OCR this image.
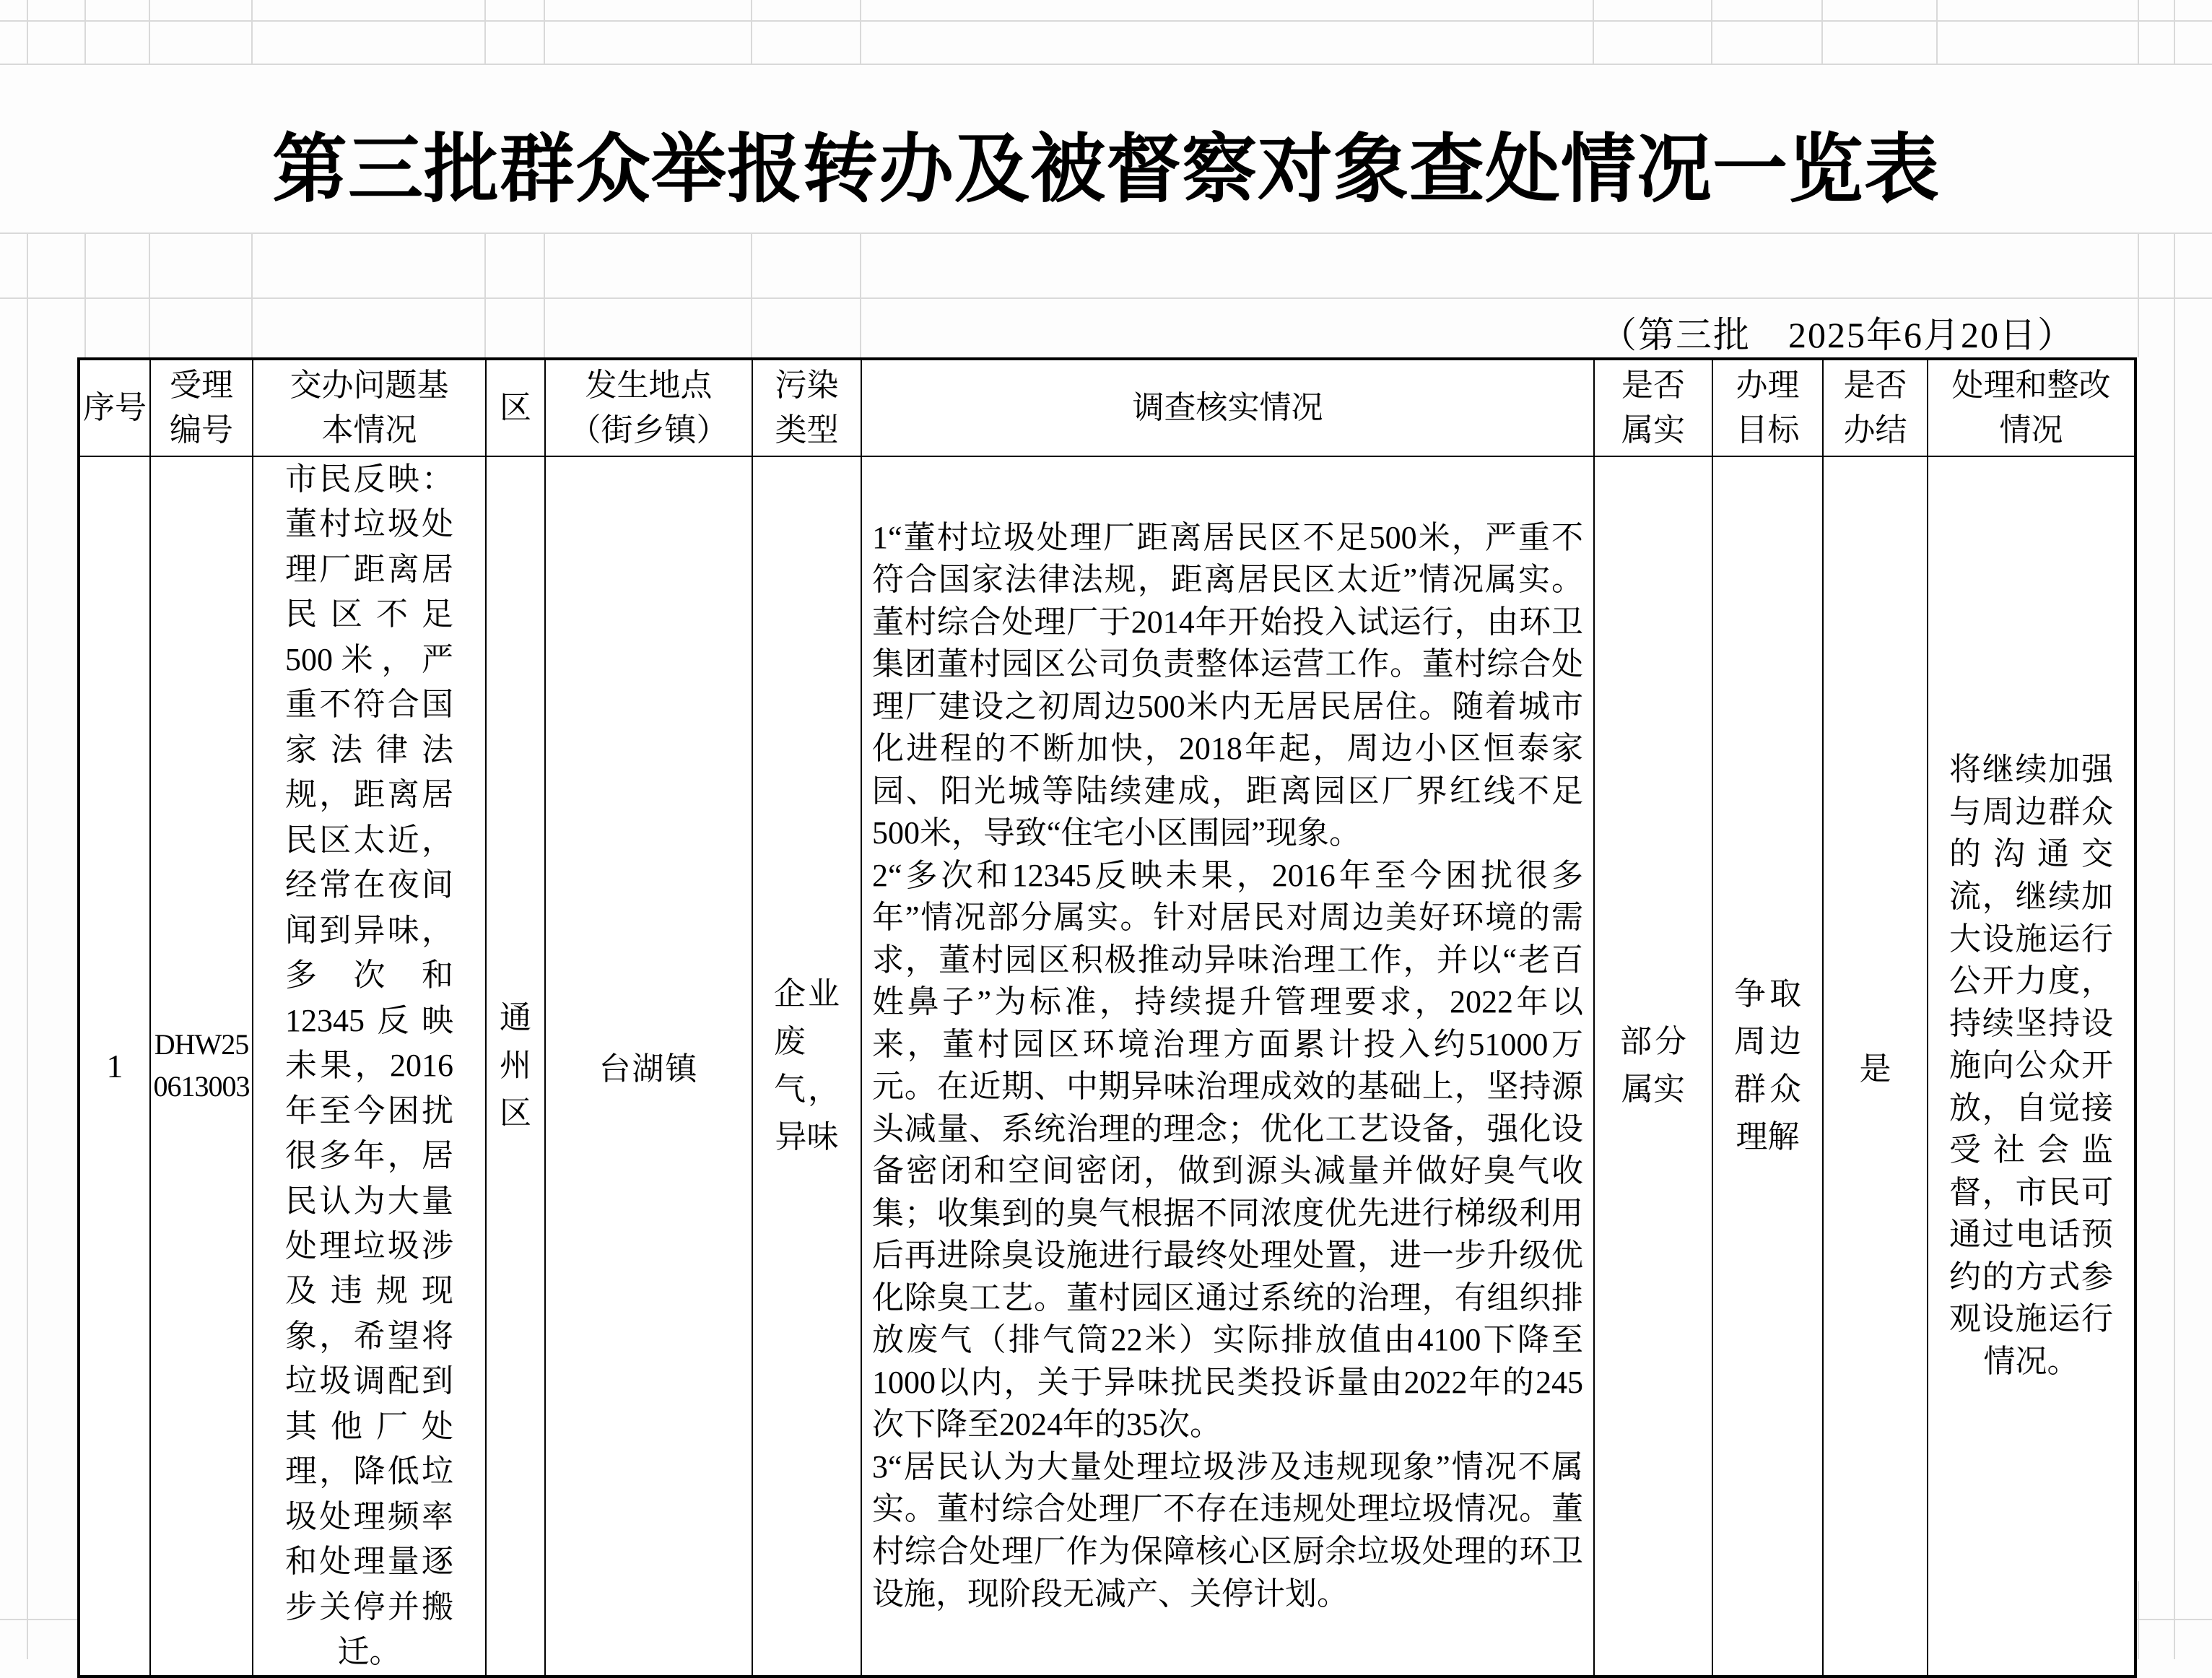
第三批群众举报转办及被督察对象查处情况一览表
（第三批　2025年6月20日）
序号	受理编号	交办问题基本情况	区	发生地点（街乡镇）	污染类型	调查核实情况	是否属实	办理目标	是否办结	处理和整改情况
1	DHW250613003	市民反映：董村垃圾处理厂距离居民区不足500米，严重不符合国家法律法规，距离居民区太近，经常在夜间闻到异味，多次和12345反映未果，2016年至今困扰很多年，居民认为大量处理垃圾涉及违规现象，希望将垃圾调配到其他厂处理，降低垃圾处理频率和处理量逐步关停并搬迁。	通州区	台湖镇	企业废气，异味	1“董村垃圾处理厂距离居民区不足500米，严重不符合国家法律法规，距离居民区太近”情况属实。董村综合处理厂于2014年开始投入试运行，由环卫集团董村园区公司负责整体运营工作。董村综合处理厂建设之初周边500米内无居民居住。随着城市化进程的不断加快，2018年起，周边小区恒泰家园、阳光城等陆续建成，距离园区厂界红线不足500米，导致“住宅小区围园”现象。

2“多次和12345反映未果，2016年至今困扰很多年”情况部分属实。针对居民对周边美好环境的需求，董村园区积极推动异味治理工作，并以“老百姓鼻子”为标准，持续提升管理要求，2022年以来，董村园区环境治理方面累计投入约51000万元。在近期、中期异味治理成效的基础上，坚持源头减量、系统治理的理念；优化工艺设备，强化设备密闭和空间密闭，做到源头减量并做好臭气收集；收集到的臭气根据不同浓度优先进行梯级利用后再进除臭设施进行最终处理处置，进一步升级优化除臭工艺。董村园区通过系统的治理，有组织排放废气（排气筒22米）实际排放值由4100下降至1000以内，关于异味扰民类投诉量由2022年的245次下降至2024年的35次。

3“居民认为大量处理垃圾涉及违规现象”情况不属实。董村综合处理厂不存在违规处理垃圾情况。董村综合处理厂作为保障核心区厨余垃圾处理的环卫设施，现阶段无减产、关停计划。	部分属实	争取周边群众理解	是	将继续加强与周边群众的沟通交流，继续加大设施运行公开力度，持续坚持设施向公众开放，自觉接受社会监督，市民可通过电话预约的方式参观设施运行情况。
